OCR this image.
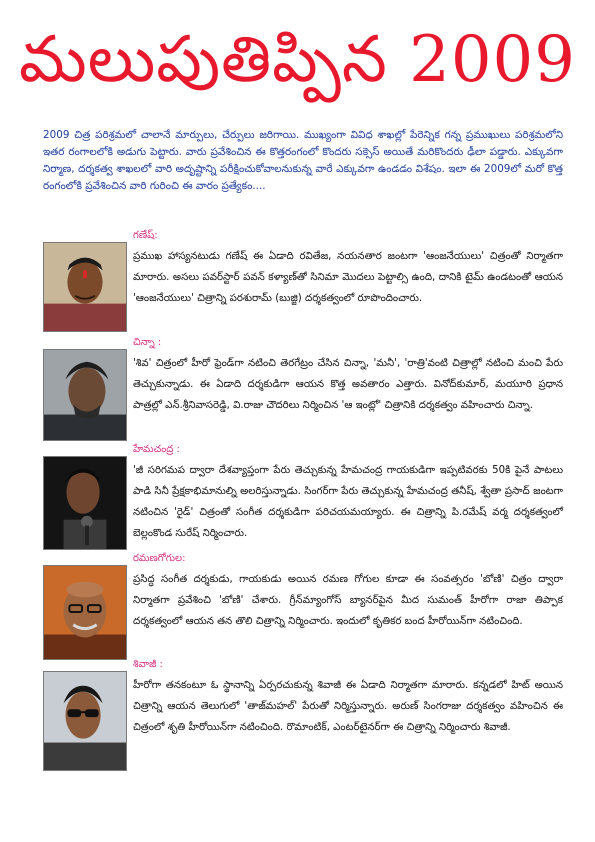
మలుపుతిప్పిన 2009
2009 చిత్ర పరిశ్రమలో చాలానే మార్పులు, చేర్పులు జరిగాయి. ముఖ్యంగా వివిధ శాఖల్లో పేరెన్నిక గన్న ప్రముఖులు పరిశ్రమలోని ఇతర రంగాలలోకి అడుగు పెట్టారు. వారు ప్రవేశించిన ఈ కొత్తరంగంలో కొందరు సక్సెస్ అయితే మరికొందరు ఢీలా పడ్డారు. ఎక్కువగా నిర్మాణ, దర్శకత్వ శాఖలలో వారి అదృష్టాన్ని పరీక్షించుకోవాలనుకున్న వారే ఎక్కువగా ఉండడం విశేషం. ఇలా ఈ 2009లో మరో కొత్త రంగంలోకి ప్రవేశించిన వారి గురించి ఈ వారం ప్రత్యేకం....
గణేష్:
ప్రముఖ హాస్యనటుడు గణేష్ ఈ ఏడాది రవితేజ, నయనతార జంటగా 'ఆంజనేయులు' చిత్రంతో నిర్మాతగా మారారు. అసలు పవర్‌స్టార్ పవన్ కళ్యాణ్‌తో సినిమా మొదలు పెట్టాల్సి ఉంది, దానికి టైమ్ ఉండటంతో ఆయన 'ఆంజనేయులు' చిత్రాన్ని పరశురామ్ (బుజ్జి) దర్శకత్వంలో రూపొందించారు.
చిన్నా :
'శివ' చిత్రంలో హీరో ఫ్రెండ్‌గా నటించి తెరగేట్రం చేసిన చిన్నా, 'మనీ', 'రాత్రి'వంటి చిత్రాల్లో నటించి మంచి పేరు తెచ్చుకున్నాడు. ఈ ఏడాది దర్శకుడిగా ఆయన కొత్త అవతారం ఎత్తారు. వినోద్‌కుమార్, మయూరి ప్రధాన పాత్రల్లో ఎన్.శ్రీనివాసరెడ్డి, వి.రాజు చౌదరిలు నిర్మించిన 'ఆ ఇంట్లో' చిత్రానికి దర్శకత్వం వహించారు చిన్నా.
హేమచంద్ర :
'జీ సరిగమప ద్వారా దేశవ్యాప్తంగా పేరు తెచ్చుకున్న హేమచంద్ర గాయకుడిగా ఇప్పటివరకు 50కి పైనే పాటలు పాడి సినీ ప్రేక్షకాభిమానుల్ని అలరిస్తున్నాడు. సింగర్‌గా పేరు తెచ్చుకున్న హేమచంద్ర తనీష్, శ్వేతా ప్రసాద్ జంటగా నటించిన 'రైడ్' చిత్రంతో సంగీత దర్శకుడిగా పరిచయమయ్యారు. ఈ చిత్రాన్ని పి.రమేష్ వర్మ దర్శకత్వంలో బెల్లంకొండ సురేష్ నిర్మించారు.
రమణగోగుల:
ప్రసిద్ధ సంగీత దర్శకుడు, గాయకుడు అయిన రమణ గోగుల కూడా ఈ సంవత్సరం 'బోణి' చిత్రం ద్వారా నిర్మాతగా ప్రవేశించి 'బోణి' చేశారు. గ్రీన్‌మ్యాంగోస్ బ్యానర్‌పైన మీద సుమంత్ హీరోగా రాజా తిప్పాక దర్శకత్వంలో ఆయన తన తొలి చిత్రాన్ని నిర్మించారు. ఇందులో కృతికర బంద హీరోయిన్‌గా నటించింది.
శివాజీ :
హీరోగా తనకంటూ ఓ స్థానాన్ని ఏర్పరచుకున్న శివాజీ ఈ ఏడాది నిర్మాతగా మారారు. కన్నడలో హిట్ అయిన చిత్రాన్ని ఆయన తెలుగులో 'తాజ్‌మహల్' పేరుతో నిర్మిస్తున్నారు. అరుణ్ సింగరాజు దర్శకత్వం వహించిన ఈ చిత్రంలో శృతి హీరోయిన్‌గా నటించింది. రొమాంటిక్, ఎంటర్‌టైనర్‌గా ఈ చిత్రాన్ని నిర్మించారు శివాజీ.
